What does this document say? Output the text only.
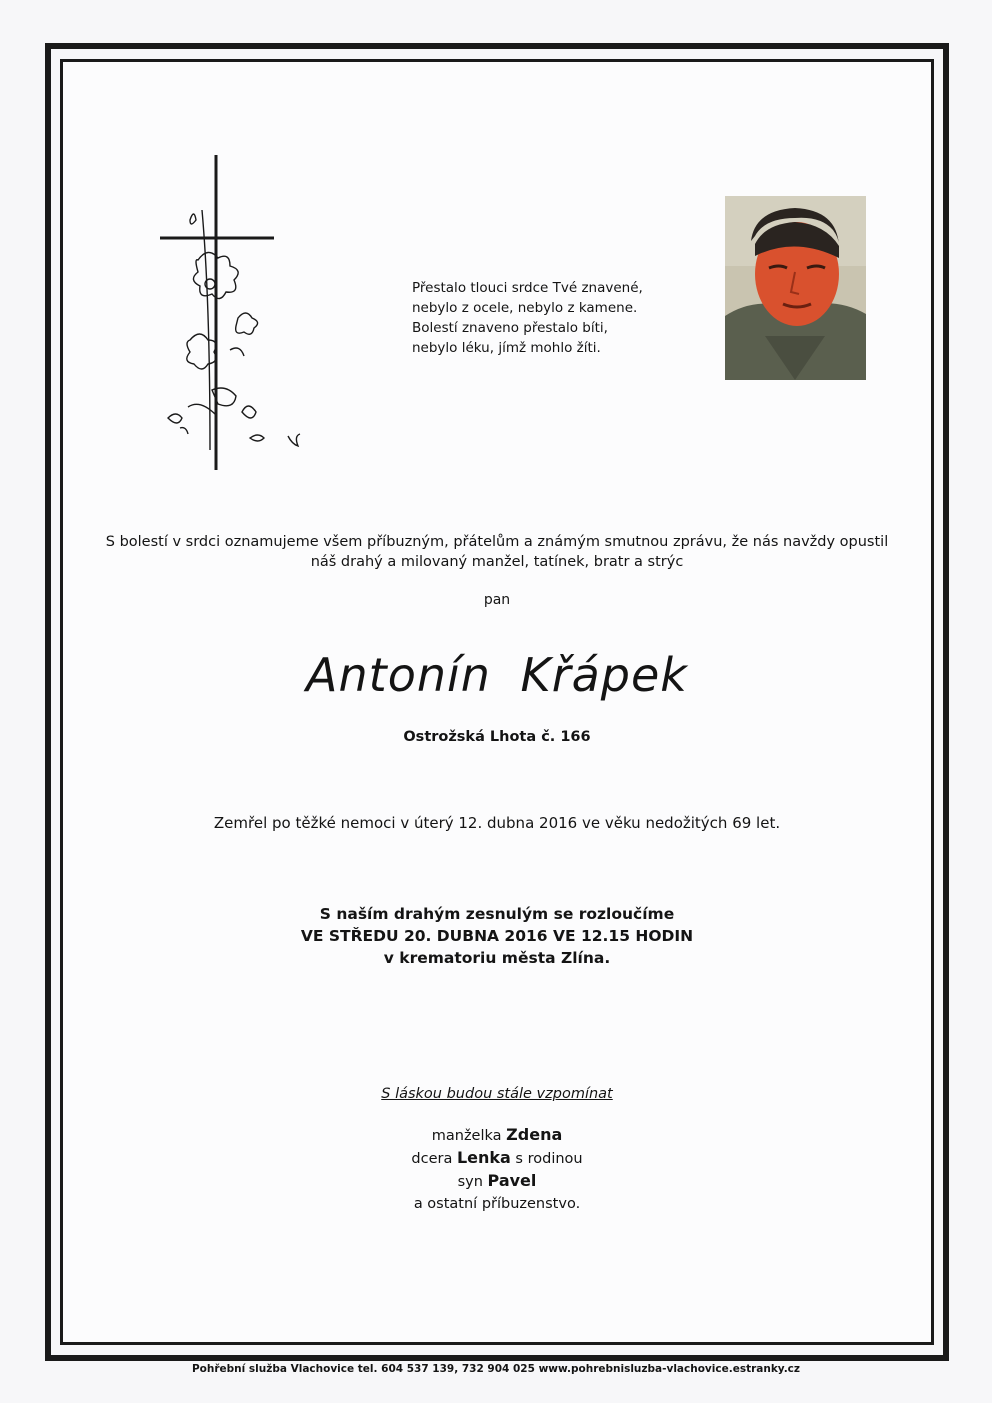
Přestalo tlouci srdce Tvé znavené,
nebylo z ocele, nebylo z kamene.
Bolestí znaveno přestalo bíti,
nebylo léku, jímž mohlo žíti.
S bolestí v srdci oznamujeme všem příbuzným, přátelům a známým smutnou zprávu, že nás navždy opustil
náš drahý a milovaný manžel, tatínek, bratr a strýc
pan
Antonín Křápek
Ostrožská Lhota č. 166
Zemřel po těžké nemoci v úterý 12. dubna 2016 ve věku nedožitých 69 let.
S naším drahým zesnulým se rozloučíme
VE STŘEDU 20. DUBNA 2016 VE 12.15 HODIN
v krematoriu města Zlína.
S láskou budou stále vzpomínat
manželka Zdena
dcera Lenka s rodinou
syn Pavel
a ostatní příbuzenstvo.
Pohřební služba Vlachovice tel. 604 537 139, 732 904 025 www.pohrebnisluzba-vlachovice.estranky.cz
